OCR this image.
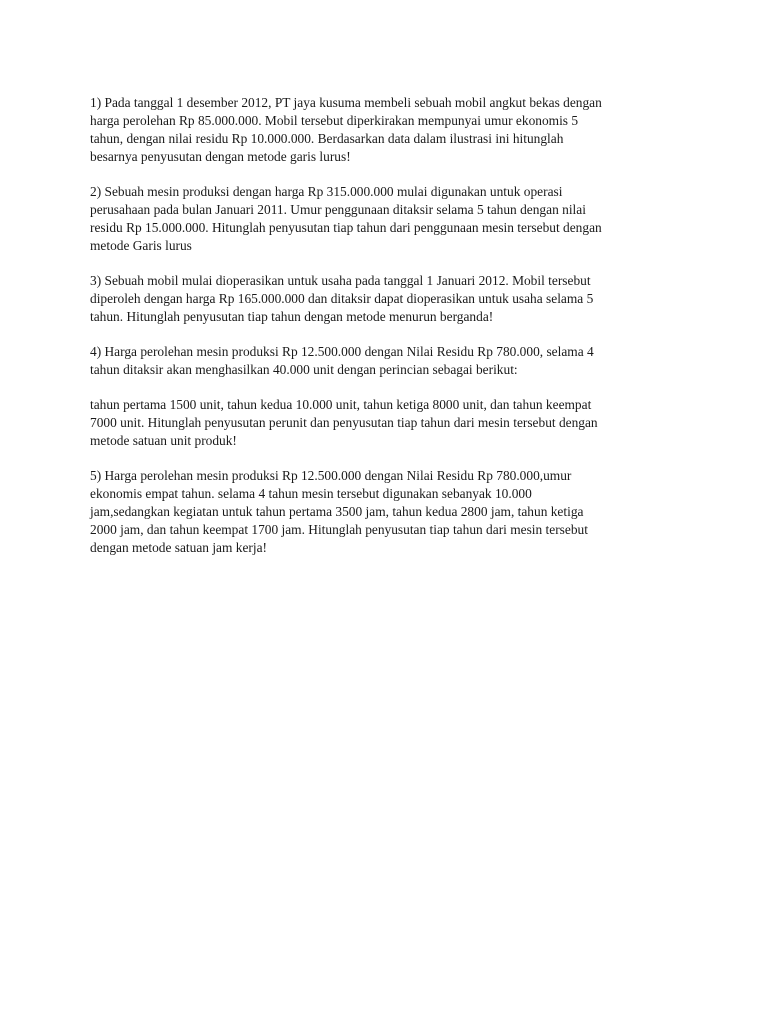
1) Pada tanggal 1 desember 2012, PT jaya kusuma membeli sebuah mobil angkut bekas dengan
harga perolehan Rp 85.000.000. Mobil tersebut diperkirakan mempunyai umur ekonomis 5
tahun, dengan nilai residu Rp 10.000.000. Berdasarkan data dalam ilustrasi ini hitunglah
besarnya penyusutan dengan metode garis lurus!

2) Sebuah mesin produksi dengan harga Rp 315.000.000 mulai digunakan untuk operasi
perusahaan pada bulan Januari 2011. Umur penggunaan ditaksir selama 5 tahun dengan nilai
residu Rp 15.000.000. Hitunglah penyusutan tiap tahun dari penggunaan mesin tersebut dengan
metode Garis lurus

3) Sebuah mobil mulai dioperasikan untuk usaha pada tanggal 1 Januari 2012. Mobil tersebut
diperoleh dengan harga Rp 165.000.000 dan ditaksir dapat dioperasikan untuk usaha selama 5
tahun. Hitunglah penyusutan tiap tahun dengan metode menurun berganda!

4) Harga perolehan mesin produksi Rp 12.500.000 dengan Nilai Residu Rp 780.000, selama 4
tahun ditaksir akan menghasilkan 40.000 unit dengan perincian sebagai berikut:

tahun pertama 1500 unit, tahun kedua 10.000 unit, tahun ketiga 8000 unit, dan tahun keempat
7000 unit. Hitunglah penyusutan perunit dan penyusutan tiap tahun dari mesin tersebut dengan
metode satuan unit produk!

5) Harga perolehan mesin produksi Rp 12.500.000 dengan Nilai Residu Rp 780.000,umur
ekonomis empat tahun. selama 4 tahun mesin tersebut digunakan sebanyak 10.000
jam,sedangkan kegiatan untuk tahun pertama 3500 jam, tahun kedua 2800 jam, tahun ketiga
2000 jam, dan tahun keempat 1700 jam. Hitunglah penyusutan tiap tahun dari mesin tersebut
dengan metode satuan jam kerja!
